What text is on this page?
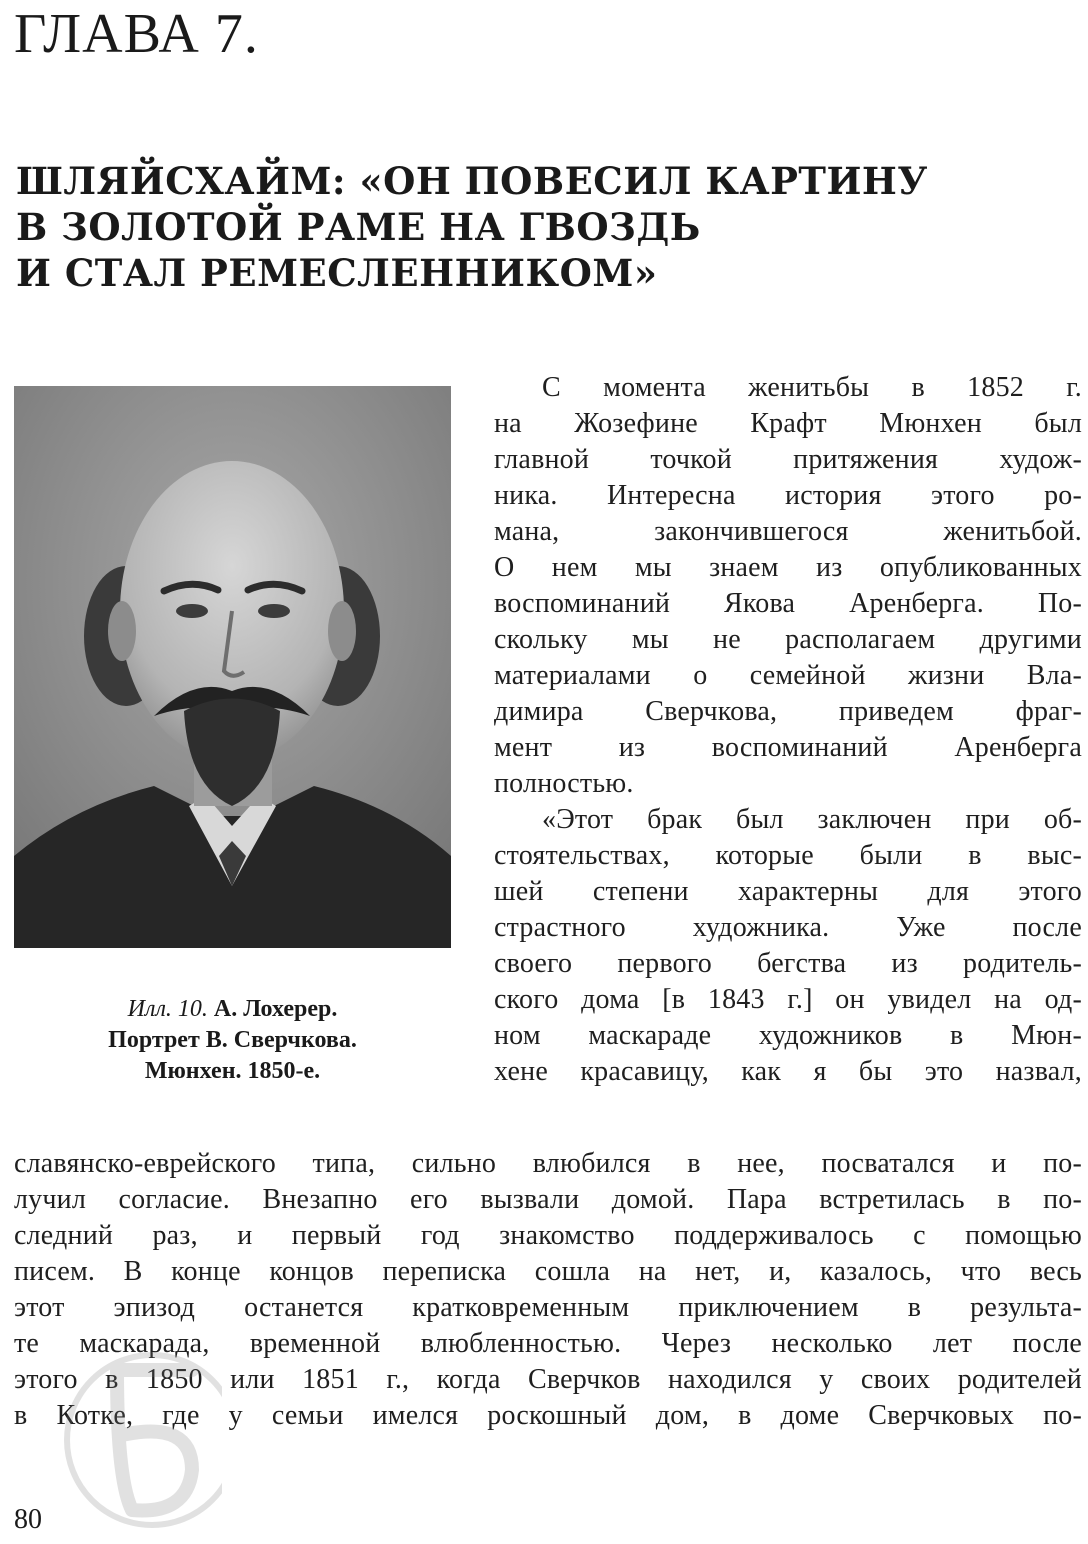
ГЛАВА 7.
ШЛЯЙСХАЙМ: «ОН ПОВЕСИЛ КАРТИНУ
В ЗОЛОТОЙ РАМЕ НА ГВОЗДЬ
И СТАЛ РЕМЕСЛЕННИКОМ»
Илл. 10. А. Лохерер.
Портрет В. Сверчкова.
Мюнхен. 1850-е.
С момента женитьбы в 1852 г.
на Жозефине Крафт Мюнхен был
главной точкой притяжения худож-
ника. Интересна история этого ро-
мана, закончившегося женитьбой.
О нем мы знаем из опубликованных
воспоминаний Якова Аренберга. По-
скольку мы не располагаем другими
материалами о семейной жизни Вла-
димира Сверчкова, приведем фраг-
мент из воспоминаний Аренберга
полностью.
«Этот брак был заключен при об-
стоятельствах, которые были в выс-
шей степени характерны для этого
страстного художника. Уже после
своего первого бегства из родитель-
ского дома [в 1843 г.] он увидел на од-
ном маскараде художников в Мюн-
хене красавицу, как я бы это назвал,
славянско-еврейского типа, сильно влюбился в нее, посватался и по-
лучил согласие. Внезапно его вызвали домой. Пара встретилась в по-
следний раз, и первый год знакомство поддерживалось с помощью
писем. В конце концов переписка сошла на нет, и, казалось, что весь
этот эпизод останется кратковременным приключением в результа-
те маскарада, временной влюбленностью. Через несколько лет после
этого в 1850 или 1851 г., когда Сверчков находился у своих родителей
в Котке, где у семьи имелся роскошный дом, в доме Сверчковых по-
80
